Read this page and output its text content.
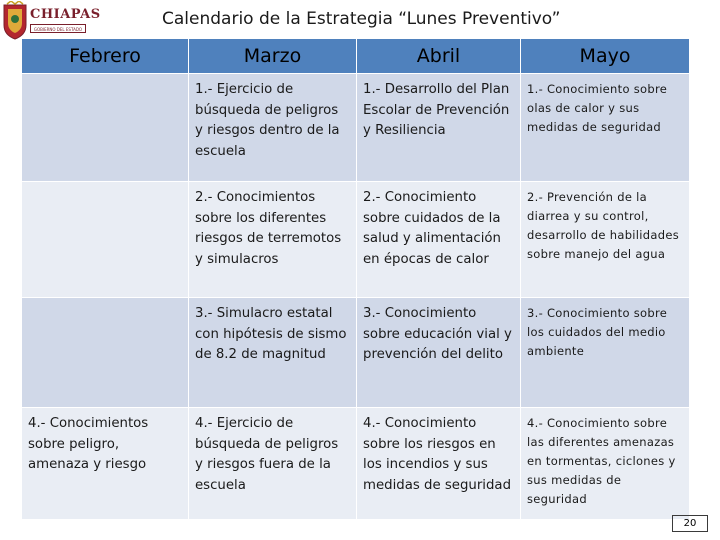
CHIAPAS
GOBIERNO DEL ESTADO
Calendario de la Estrategia “Lunes Preventivo”
Febrero	Marzo	Abril	Mayo
	1.- Ejercicio de búsqueda de peligros y riesgos dentro de la escuela	1.- Desarrollo del Plan Escolar de Prevención y Resiliencia	1.- Conocimiento sobre olas de calor y sus medidas de seguridad
	2.- Conocimientos sobre los diferentes riesgos de terremotos y simulacros	2.- Conocimiento sobre cuidados de la salud y alimentación en épocas de calor	2.- Prevención de la diarrea y su control, desarrollo de habilidades sobre manejo del agua
	3.- Simulacro estatal con hipótesis de sismo de 8.2 de magnitud	3.- Conocimiento sobre educación vial y prevención del delito	3.- Conocimiento sobre los cuidados del medio ambiente
4.- Conocimientos sobre peligro, amenaza y riesgo	4.- Ejercicio de búsqueda de peligros y riesgos fuera de la escuela	4.- Conocimiento sobre los riesgos en los incendios y sus medidas de seguridad	4.- Conocimiento sobre las diferentes amenazas en tormentas, ciclones y sus medidas de seguridad
20
